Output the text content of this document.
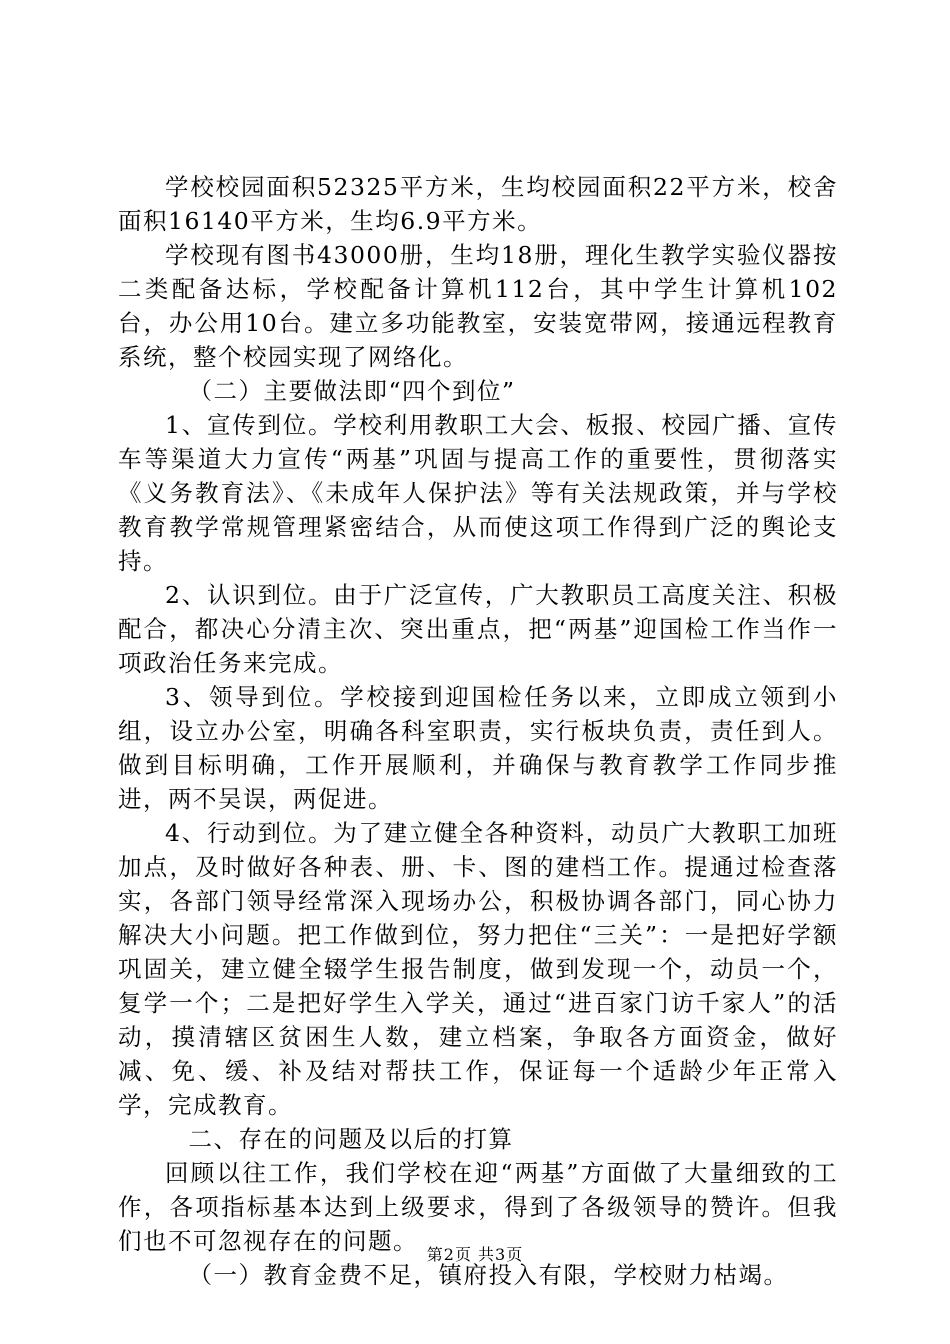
学校校园面积52325平方米，生均校园面积22平方米，校舍面积16140平方米，生均6.9平方米。

学校现有图书43000册，生均18册，理化生教学实验仪器按二类配备达标，学校配备计算机112台，其中学生计算机102台，办公用10台。建立多功能教室，安装宽带网，接通远程教育系统，整个校园实现了网络化。

（二）主要做法即“四个到位”

1、宣传到位。学校利用教职工大会、板报、校园广播、宣传车等渠道大力宣传“两基”巩固与提高工作的重要性，贯彻落实《义务教育法》、《未成年人保护法》等有关法规政策，并与学校教育教学常规管理紧密结合，从而使这项工作得到广泛的舆论支持。

2、认识到位。由于广泛宣传，广大教职员工高度关注、积极配合，都决心分清主次、突出重点，把“两基”迎国检工作当作一项政治任务来完成。

3、领导到位。学校接到迎国检任务以来，立即成立领到小组，设立办公室，明确各科室职责，实行板块负责，责任到人。做到目标明确，工作开展顺利，并确保与教育教学工作同步推进，两不吴误，两促进。

4、行动到位。为了建立健全各种资料，动员广大教职工加班加点，及时做好各种表、册、卡、图的建档工作。提通过检查落实，各部门领导经常深入现场办公，积极协调各部门，同心协力解决大小问题。把工作做到位，努力把住“三关”：一是把好学额巩固关，建立健全辍学生报告制度，做到发现一个，动员一个，复学一个；二是把好学生入学关，通过“进百家门访千家人”的活动，摸清辖区贫困生人数，建立档案，争取各方面资金，做好减、免、缓、补及结对帮扶工作，保证每一个适龄少年正常入学，完成教育。

二、存在的问题及以后的打算

回顾以往工作，我们学校在迎“两基”方面做了大量细致的工作，各项指标基本达到上级要求，得到了各级领导的赞许。但我们也不可忽视存在的问题。

（一）教育金费不足，镇府投入有限，学校财力枯竭。

第2页 共3页
